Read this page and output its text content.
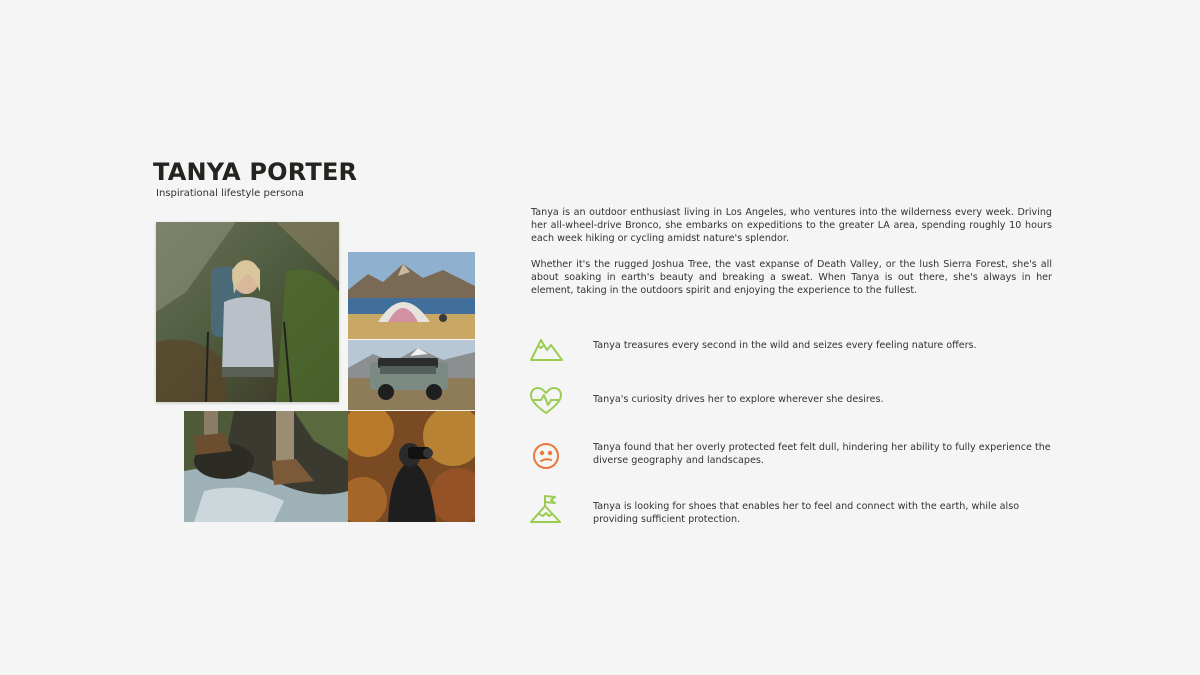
TANYA PORTER

Inspirational lifestyle persona

Tanya is an outdoor enthusiast living in Los Angeles, who ventures into the wilderness every week. Driving her all-wheel-drive Bronco, she embarks on expeditions to the greater LA area, spending roughly 10 hours each week hiking or cycling amidst nature's splendor.

Whether it's the rugged Joshua Tree, the vast expanse of Death Valley, or the lush Sierra Forest, she's all about soaking in earth's beauty and breaking a sweat. When Tanya is out there, she's always in her element, taking in the outdoors spirit and enjoying the experience to the fullest.

Tanya treasures every second in the wild and seizes every feeling nature offers.
Tanya's curiosity drives her to explore wherever she desires.
Tanya found that her overly protected feet felt dull, hindering her ability to fully experience the diverse geography and landscapes.
Tanya is looking for shoes that enables her to feel and connect with the earth, while also providing sufficient protection.
